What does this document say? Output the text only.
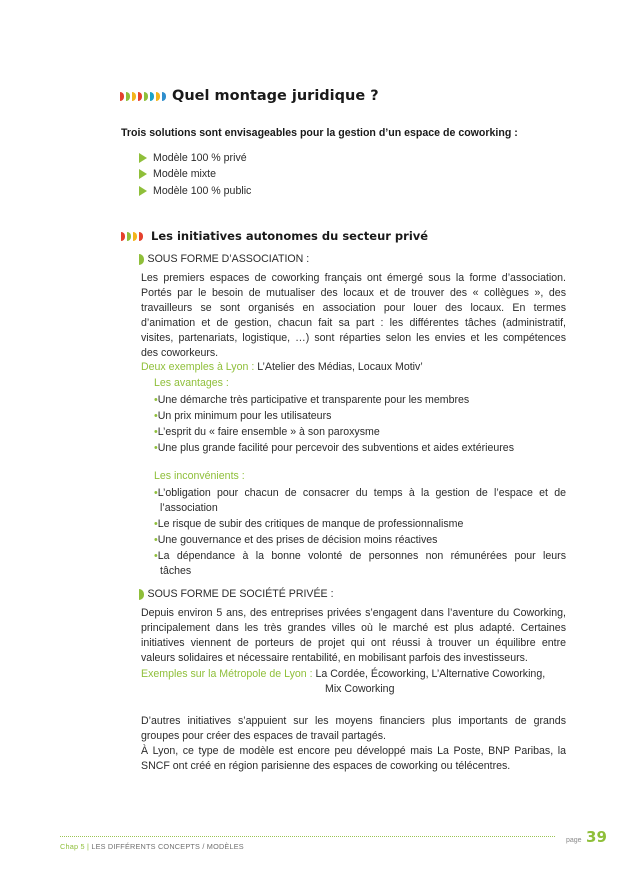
Quel montage juridique ?
Trois solutions sont envisageables pour la gestion d’un espace de coworking :
Modèle 100 % privé
Modèle mixte
Modèle 100 % public
Les initiatives autonomes du secteur privé
SOUS FORME D’ASSOCIATION :
Les premiers espaces de coworking français ont émergé sous la forme d’association.
Portés par le besoin de mutualiser des locaux et de trouver des « collègues », des
travailleurs se sont organisés en association pour louer des locaux. En termes
d’animation et de gestion, chacun fait sa part : les différentes tâches (administratif,
visites, partenariats, logistique, …) sont réparties selon les envies et les compétences
des coworkeurs.
Deux exemples à Lyon : L’Atelier des Médias, Locaux Motiv’
Les avantages :
•Une démarche très participative et transparente pour les membres
•Un prix minimum pour les utilisateurs
•L’esprit du « faire ensemble » à son paroxysme
•Une plus grande facilité pour percevoir des subventions et aides extérieures
Les inconvénients :
•L’obligation pour chacun de consacrer du temps à la gestion de l’espace et de
l’association
•Le risque de subir des critiques de manque de professionnalisme
•Une gouvernance et des prises de décision moins réactives
•La dépendance à la bonne volonté de personnes non rémunérées pour leurs
tâches
SOUS FORME DE SOCIÉTÉ PRIVÉE :
Depuis environ 5 ans, des entreprises privées s’engagent dans l’aventure du Coworking,
principalement dans les très grandes villes où le marché est plus adapté. Certaines
initiatives viennent de porteurs de projet qui ont réussi à trouver un équilibre entre
valeurs solidaires et nécessaire rentabilité, en mobilisant parfois des investisseurs.
Exemples sur la Métropole de Lyon : La Cordée, Écoworking, L’Alternative Coworking,
Mix Coworking
D’autres initiatives s’appuient sur les moyens financiers plus importants de grands
groupes pour créer des espaces de travail partagés.
À Lyon, ce type de modèle est encore peu développé mais La Poste, BNP Paribas, la
SNCF ont créé en région parisienne des espaces de coworking ou télécentres.
page 39
Chap 5 | LES DIFFÉRENTS CONCEPTS / MODÈLES
